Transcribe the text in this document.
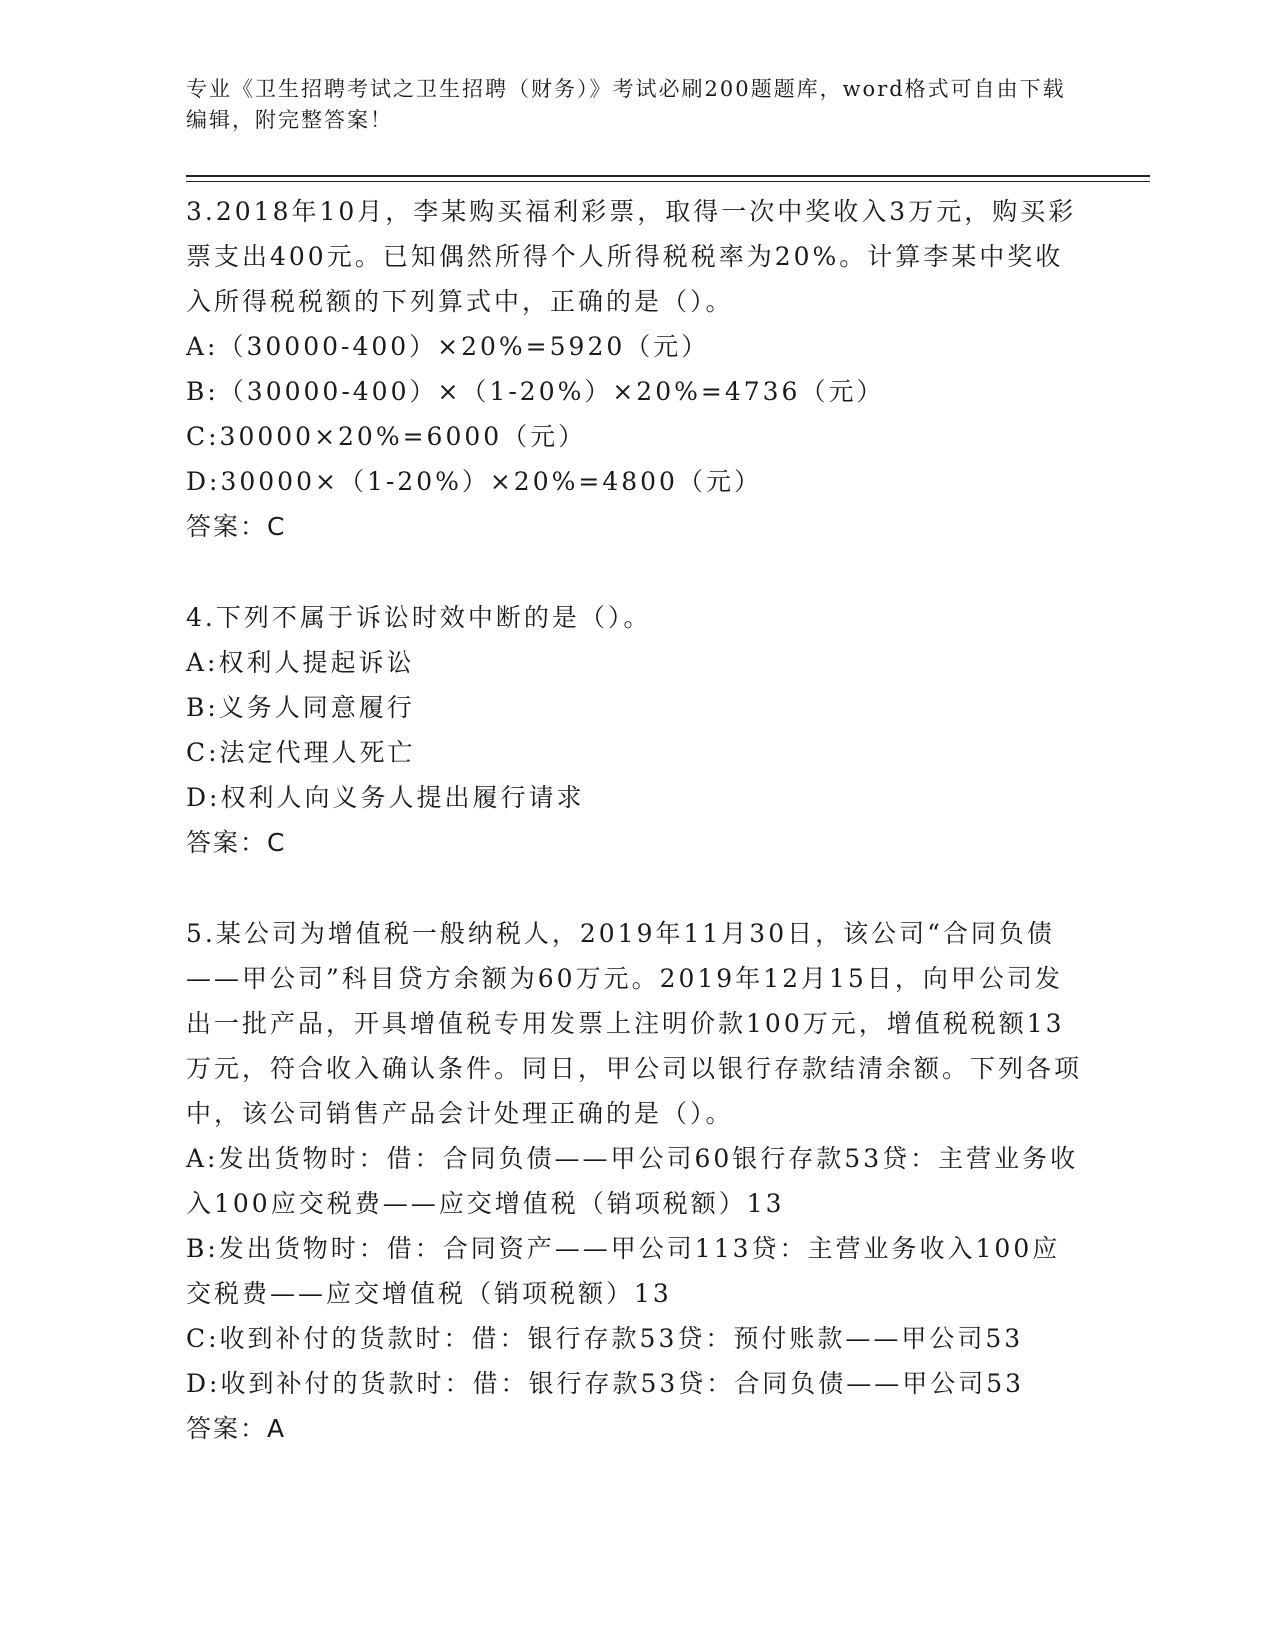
专业《卫生招聘考试之卫生招聘（财务）》考试必刷200题题库，word格式可自由下载编辑，附完整答案！

3.2018年10月，李某购买福利彩票，取得一次中奖收入3万元，购买彩票支出400元。已知偶然所得个人所得税税率为20%。计算李某中奖收入所得税税额的下列算式中，正确的是（）。

A:（30000-400）×20%=5920（元）

B:（30000-400）×（1-20%）×20%=4736（元）

C:30000×20%=6000（元）

D:30000×（1-20%）×20%=4800（元）

答案：C

4.下列不属于诉讼时效中断的是（）。

A:权利人提起诉讼

B:义务人同意履行

C:法定代理人死亡

D:权利人向义务人提出履行请求

答案：C

5.某公司为增值税一般纳税人，2019年11月30日，该公司“合同负债——甲公司”科目贷方余额为60万元。2019年12月15日，向甲公司发出一批产品，开具增值税专用发票上注明价款100万元，增值税税额13万元，符合收入确认条件。同日，甲公司以银行存款结清余额。下列各项中，该公司销售产品会计处理正确的是（）。

A:发出货物时：借：合同负债——甲公司60银行存款53贷：主营业务收入100应交税费——应交增值税（销项税额）13

B:发出货物时：借：合同资产——甲公司113贷：主营业务收入100应交税费——应交增值税（销项税额）13

C:收到补付的货款时：借：银行存款53贷：预付账款——甲公司53

D:收到补付的货款时：借：银行存款53贷：合同负债——甲公司53

答案：A
